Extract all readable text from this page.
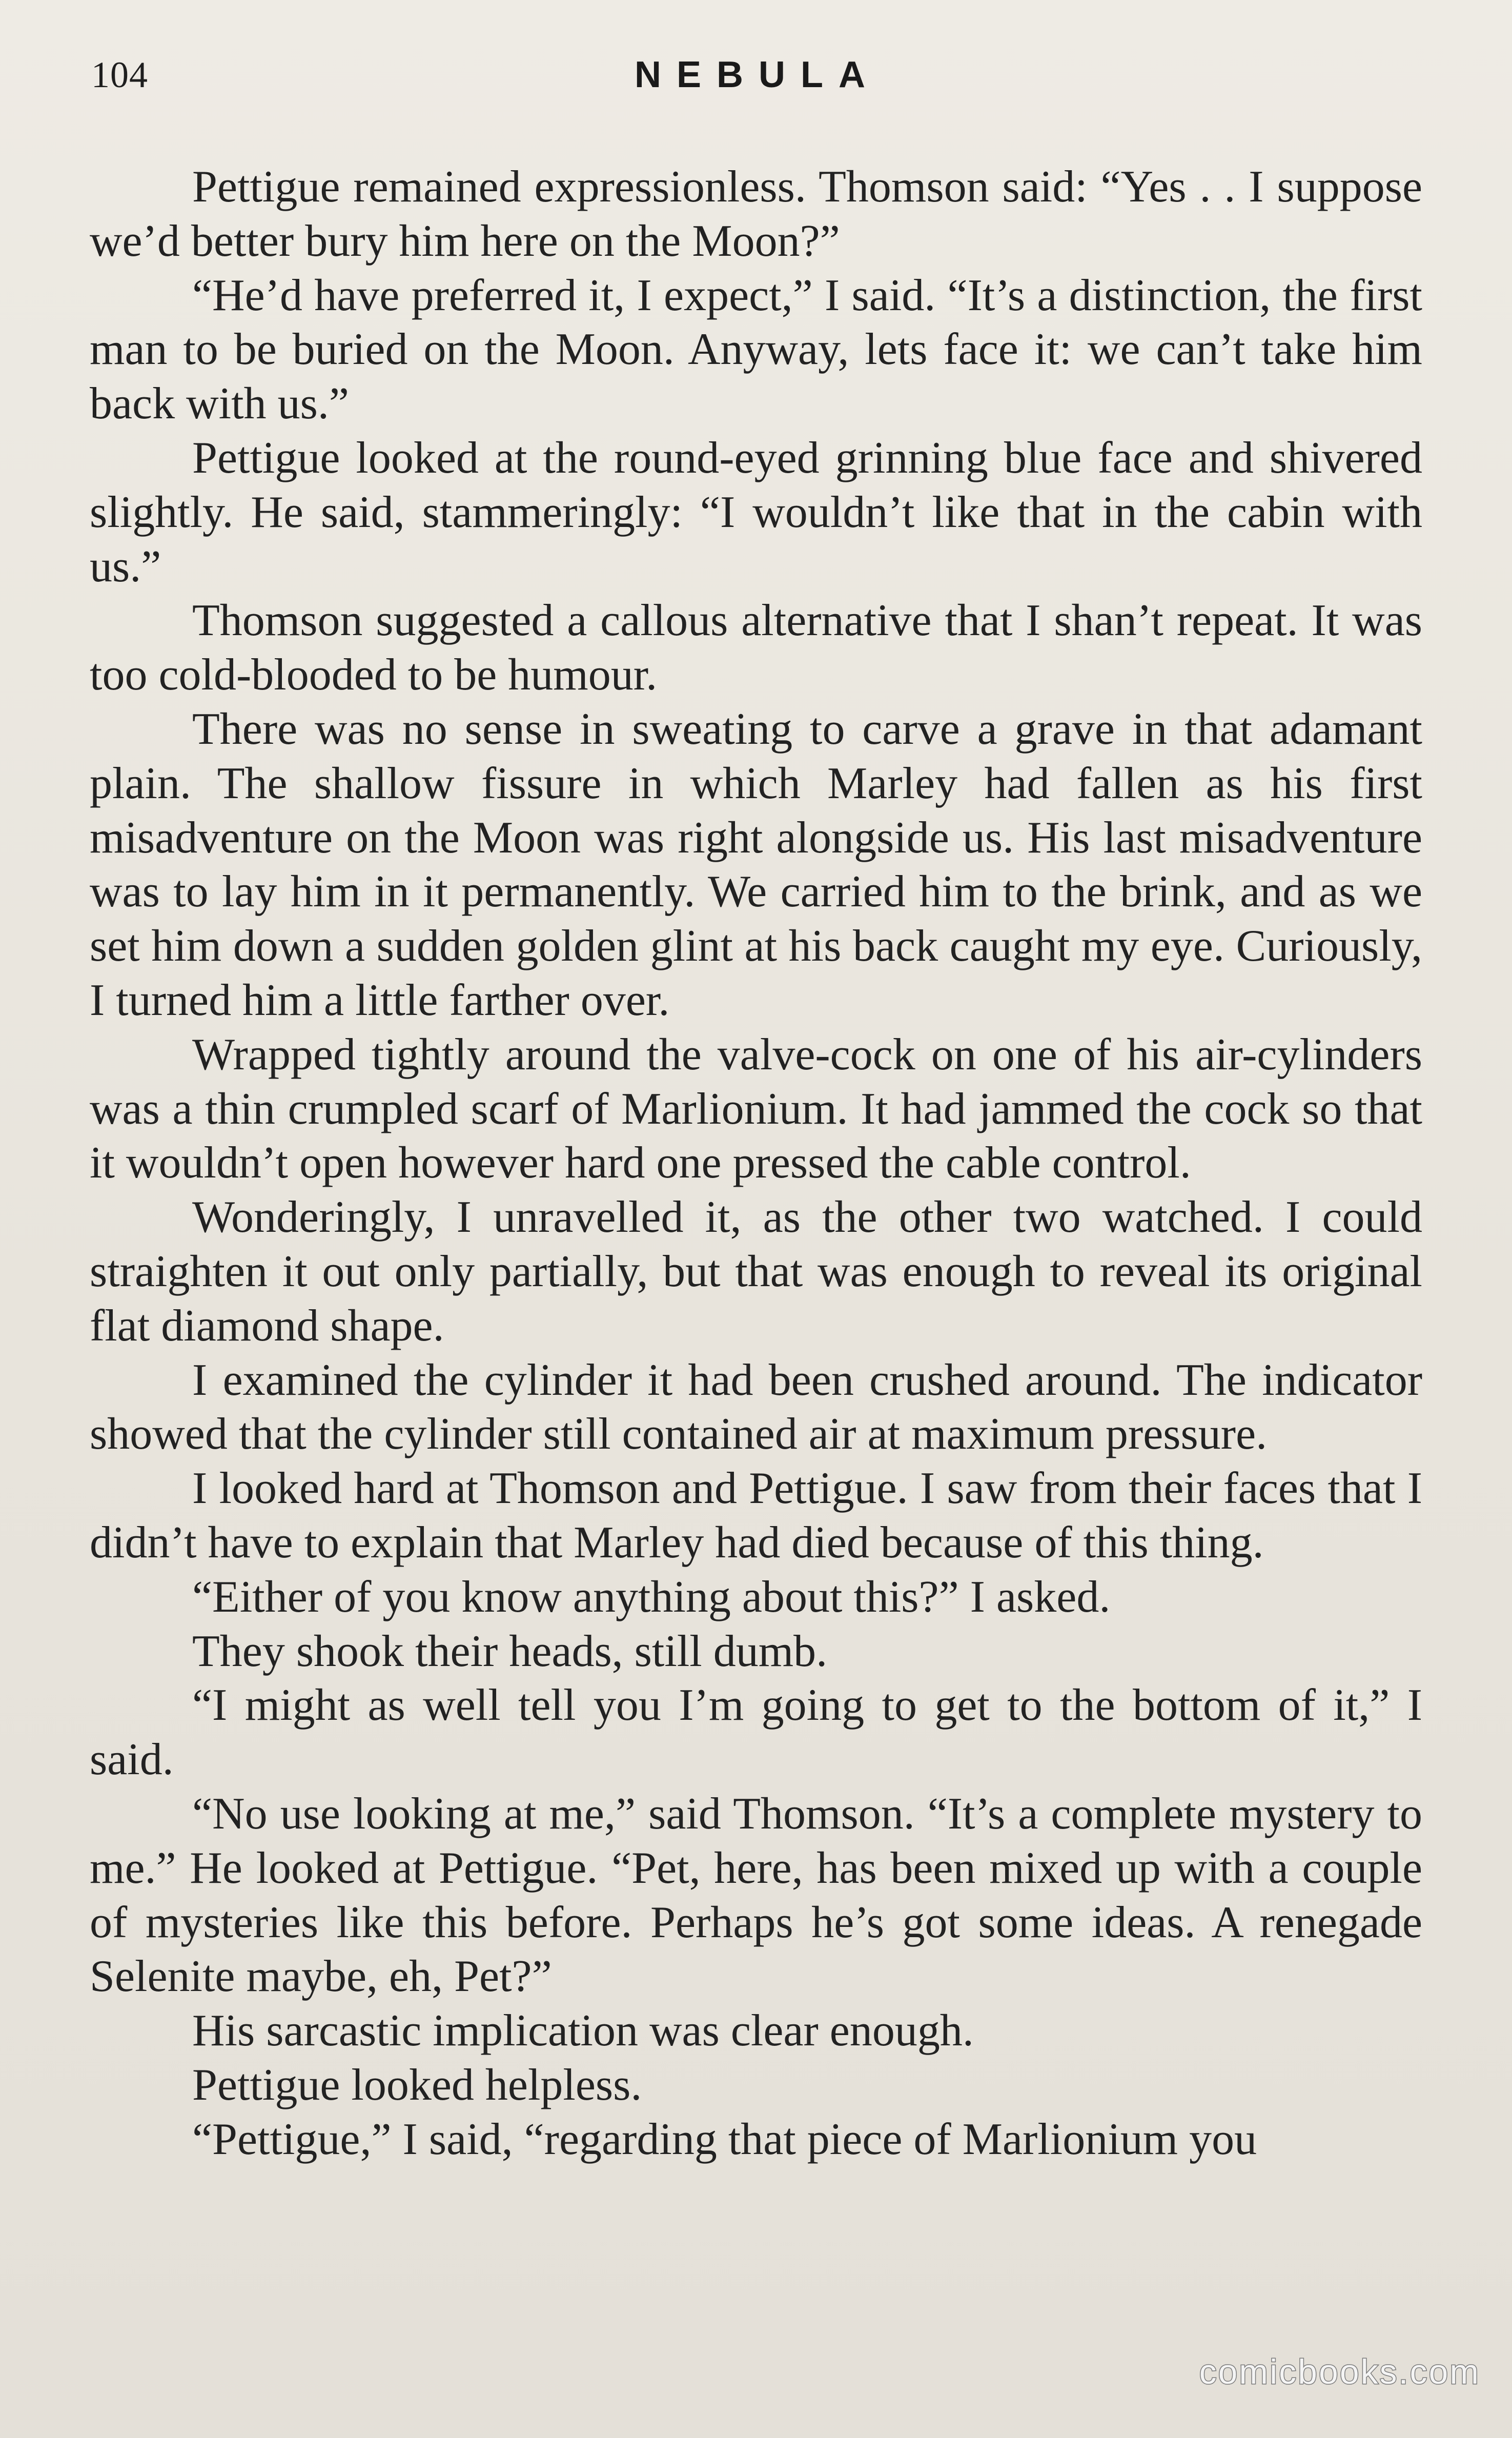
104	NEBULA

Pettigue remained expressionless. Thomson said: “Yes . . I suppose we’d better bury him here on the Moon?”

“He’d have preferred it, I expect,” I said. “It’s a distinction, the first man to be buried on the Moon. Anyway, lets face it: we can’t take him back with us.”

Pettigue looked at the round-eyed grinning blue face and shivered slightly. He said, stammeringly: “I wouldn’t like that in the cabin with us.”

Thomson suggested a callous alternative that I shan’t repeat. It was too cold-blooded to be humour.

There was no sense in sweating to carve a grave in that adamant plain. The shallow fissure in which Marley had fallen as his first misadventure on the Moon was right alongside us. His last misadventure was to lay him in it permanently. We carried him to the brink, and as we set him down a sudden golden glint at his back caught my eye. Curiously, I turned him a little farther over.

Wrapped tightly around the valve-cock on one of his air-cylinders was a thin crumpled scarf of Marlionium. It had jammed the cock so that it wouldn’t open however hard one pressed the cable control.

Wonderingly, I unravelled it, as the other two watched. I could straighten it out only partially, but that was enough to reveal its original flat diamond shape.

I examined the cylinder it had been crushed around. The indicator showed that the cylinder still contained air at maximum pressure.

I looked hard at Thomson and Pettigue. I saw from their faces that I didn’t have to explain that Marley had died because of this thing.

“Either of you know anything about this?” I asked.

They shook their heads, still dumb.

“I might as well tell you I’m going to get to the bottom of it,” I said.

“No use looking at me,” said Thomson. “It’s a complete mystery to me.” He looked at Pettigue. “Pet, here, has been mixed up with a couple of mysteries like this before. Perhaps he’s got some ideas. A renegade Selenite maybe, eh, Pet?”

His sarcastic implication was clear enough.

Pettigue looked helpless.

“Pettigue,” I said, “regarding that piece of Marlionium you

comicbooks.com
